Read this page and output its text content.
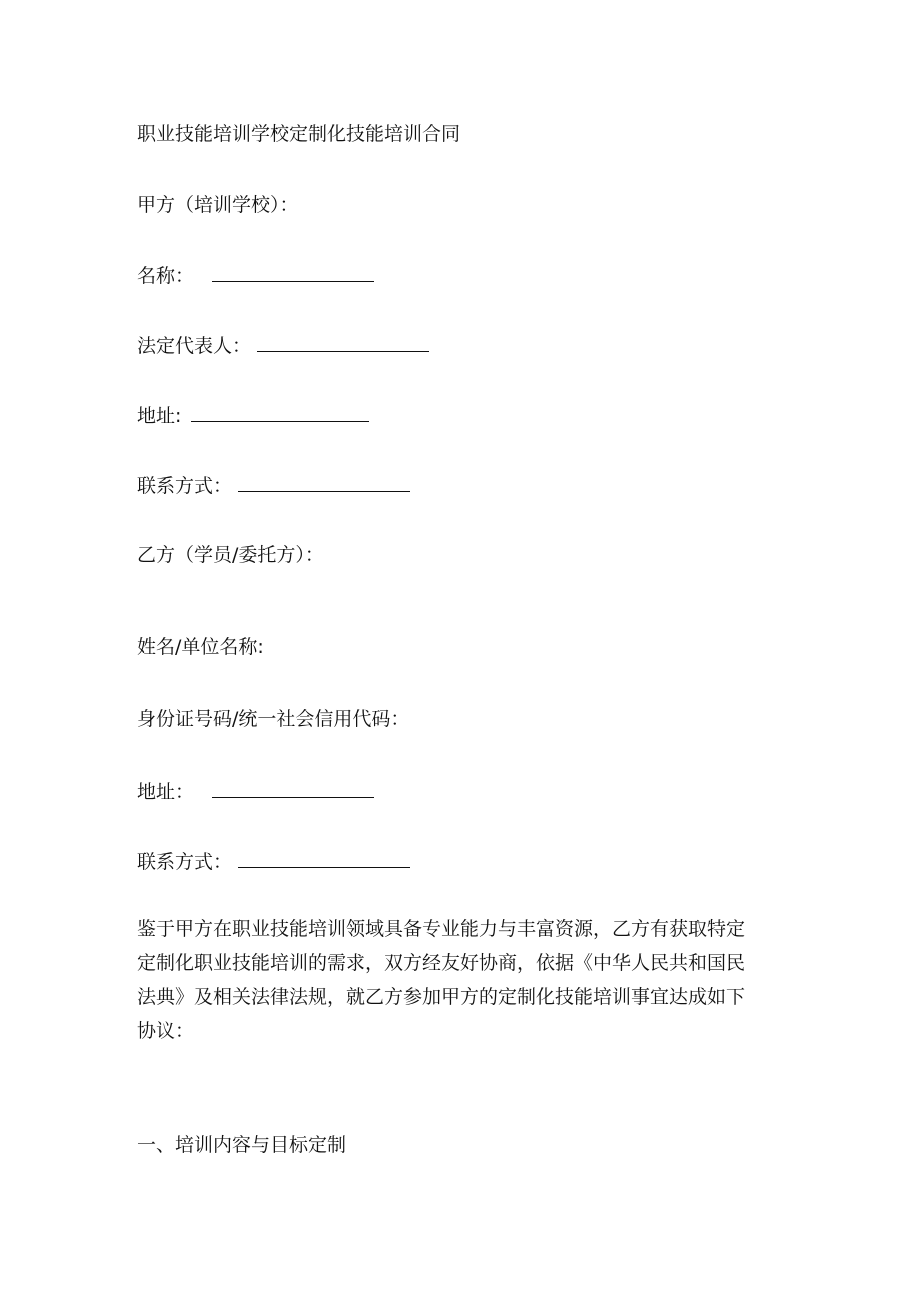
职业技能培训学校定制化技能培训合同
甲方（培训学校）：
名称：
法定代表人：
地址:
联系方式：
乙方（学员/委托方）：
姓名/单位名称:
身份证号码/统一社会信用代码：
地址：
联系方式：
鉴于甲方在职业技能培训领域具备专业能力与丰富资源，乙方有获取特定
定制化职业技能培训的需求，双方经友好协商，依据《中华人民共和国民
法典》及相关法律法规，就乙方参加甲方的定制化技能培训事宜达成如下
协议：
一、培训内容与目标定制
